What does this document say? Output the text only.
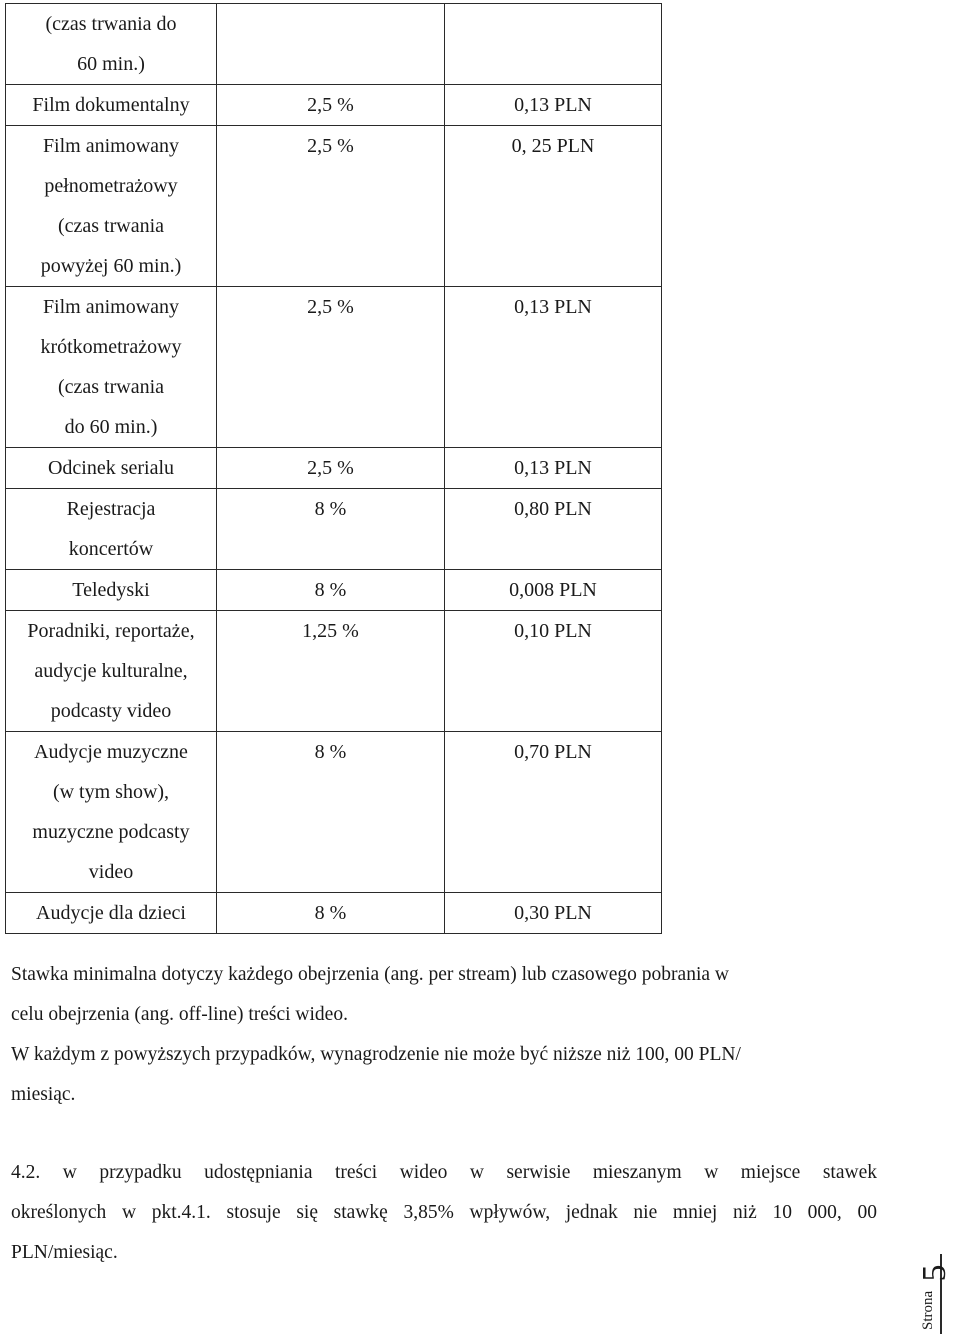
(czas trwania do
60 min.)		

Film dokumentalny	2,5 %	0,13 PLN

Film animowany
pełnometrażowy
(czas trwania
powyżej 60 min.)	2,5 %	0, 25 PLN

Film animowany
krótkometrażowy
(czas trwania
do 60 min.)	2,5 %	0,13 PLN

Odcinek serialu	2,5 %	0,13 PLN

Rejestracja
koncertów	8 %	0,80 PLN

Teledyski	8 %	0,008 PLN

Poradniki, reportaże,
audycje kulturalne,
podcasty video	1,25 %	0,10 PLN

Audycje muzyczne
(w tym show),
muzyczne podcasty
video	8 %	0,70 PLN

Audycje dla dzieci	8 %	0,30 PLN
Stawka minimalna dotyczy każdego obejrzenia (ang. per stream) lub czasowego pobrania w
celu obejrzenia (ang. off-line) treści wideo.
W każdym z powyższych przypadków, wynagrodzenie nie może być niższe niż 100, 00 PLN/
miesiąc.
4.2. w przypadku udostępniania treści wideo w serwisie mieszanym w miejsce stawek
określonych w pkt.4.1. stosuje się stawkę 3,85% wpływów, jednak nie mniej niż 10 000, 00
PLN/miesiąc.
Strona
5
